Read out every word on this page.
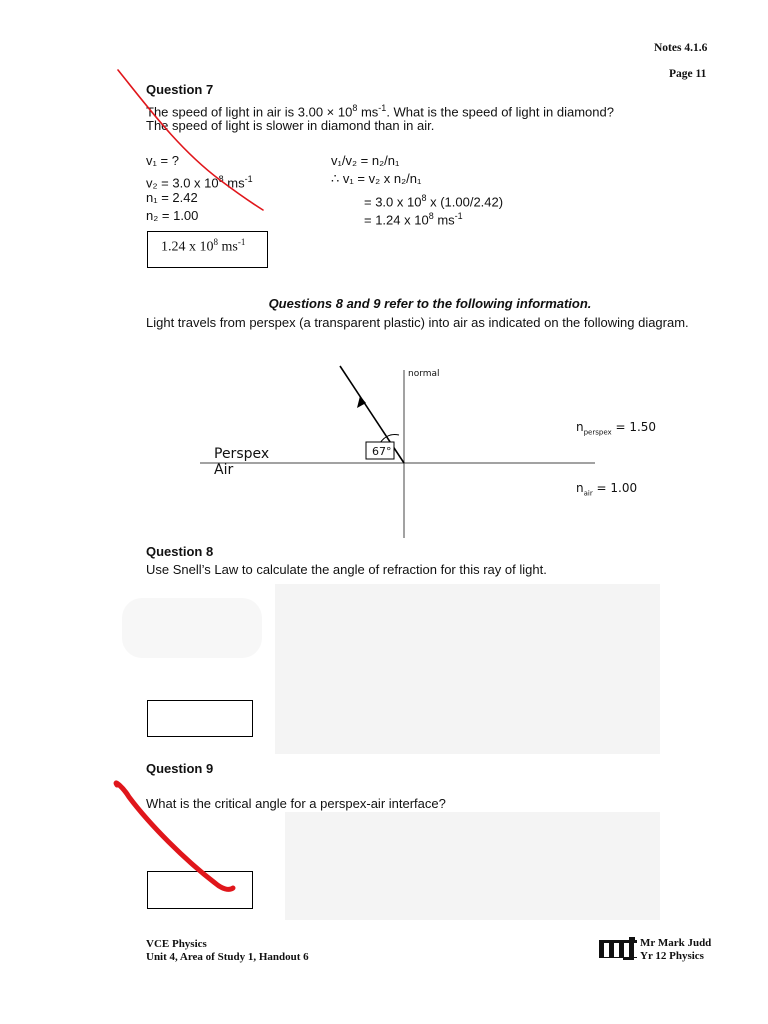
Notes 4.1.6
Page 11
Question 7
The speed of light in air is $3.00 \times 10^8$ $ms^{-1}$. What is the speed of light in diamond?
The speed of light is slower in diamond than in air.
v₁ = ?
v₂ = 3.0 x $10^8$ $ms^{-1}$
n₁ = 2.42
n₂ = 1.00
v₁/v₂ = n₂/n₁
∴ v₁ = v₂ x n₂/n₁
= 3.0 x $10^8$ x (1.00/2.42)
= 1.24 x $10^8$ $ms^{-1}$
1.24 x $10^8$ $ms^{-1}$
Questions 8 and 9 refer to the following information.
Light travels from perspex (a transparent plastic) into air as indicated on the following diagram.
normal
67°
Perspex
Air
$n_{perspex} = 1.50$
$n_{air} = 1.00$
Question 8
Use Snell’s Law to calculate the angle of refraction for this ray of light.
Question 9
What is the critical angle for a perspex-air interface?
VCE Physics
Unit 4, Area of Study 1, Handout 6
Mr Mark Judd
Yr 12 Physics
